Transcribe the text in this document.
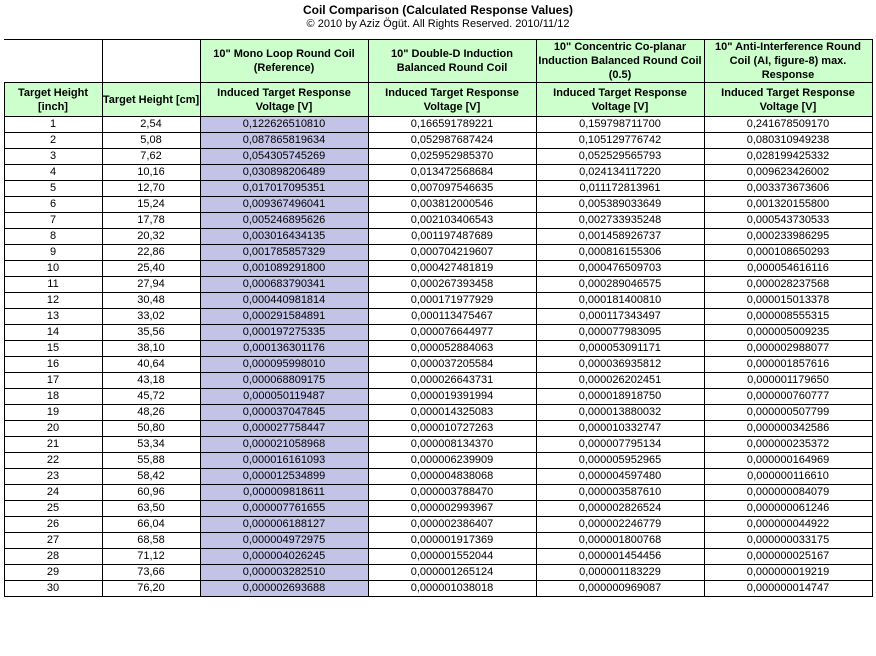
Coil Comparison (Calculated Response Values)
© 2010 by Aziz Ögüt. All Rights Reserved. 2010/11/12
		10" Mono Loop Round Coil (Reference)	10" Double-D Induction Balanced Round Coil	10" Concentric Co-planar Induction Balanced Round Coil (0.5)	10" Anti-Interference Round Coil (AI, figure-8) max. Response
Target Height [inch]	Target Height [cm]	Induced Target Response Voltage [V]	Induced Target Response Voltage [V]	Induced Target Response Voltage [V]	Induced Target Response Voltage [V]
1	2,54	0,122626510810	0,166591789221	0,159798711700	0,241678509170
2	5,08	0,087865819634	0,052987687424	0,105129776742	0,080310949238
3	7,62	0,054305745269	0,025952985370	0,052529565793	0,028199425332
4	10,16	0,030898206489	0,013472568684	0,024134117220	0,009623426002
5	12,70	0,017017095351	0,007097546635	0,011172813961	0,003373673606
6	15,24	0,009367496041	0,003812000546	0,005389033649	0,001320155800
7	17,78	0,005246895626	0,002103406543	0,002733935248	0,000543730533
8	20,32	0,003016434135	0,001197487689	0,001458926737	0,000233986295
9	22,86	0,001785857329	0,000704219607	0,000816155306	0,000108650293
10	25,40	0,001089291800	0,000427481819	0,000476509703	0,000054616116
11	27,94	0,000683790341	0,000267393458	0,000289046575	0,000028237568
12	30,48	0,000440981814	0,000171977929	0,000181400810	0,000015013378
13	33,02	0,000291584891	0,000113475467	0,000117343497	0,000008555315
14	35,56	0,000197275335	0,000076644977	0,000077983095	0,000005009235
15	38,10	0,000136301176	0,000052884063	0,000053091171	0,000002988077
16	40,64	0,000095998010	0,000037205584	0,000036935812	0,000001857616
17	43,18	0,000068809175	0,000026643731	0,000026202451	0,000001179650
18	45,72	0,000050119487	0,000019391994	0,000018918750	0,000000760777
19	48,26	0,000037047845	0,000014325083	0,000013880032	0,000000507799
20	50,80	0,000027758447	0,000010727263	0,000010332747	0,000000342586
21	53,34	0,000021058968	0,000008134370	0,000007795134	0,000000235372
22	55,88	0,000016161093	0,000006239909	0,000005952965	0,000000164969
23	58,42	0,000012534899	0,000004838068	0,000004597480	0,000000116610
24	60,96	0,000009818611	0,000003788470	0,000003587610	0,000000084079
25	63,50	0,000007761655	0,000002993967	0,000002826524	0,000000061246
26	66,04	0,000006188127	0,000002386407	0,000002246779	0,000000044922
27	68,58	0,000004972975	0,000001917369	0,000001800768	0,000000033175
28	71,12	0,000004026245	0,000001552044	0,000001454456	0,000000025167
29	73,66	0,000003282510	0,000001265124	0,000001183229	0,000000019219
30	76,20	0,000002693688	0,000001038018	0,000000969087	0,000000014747
